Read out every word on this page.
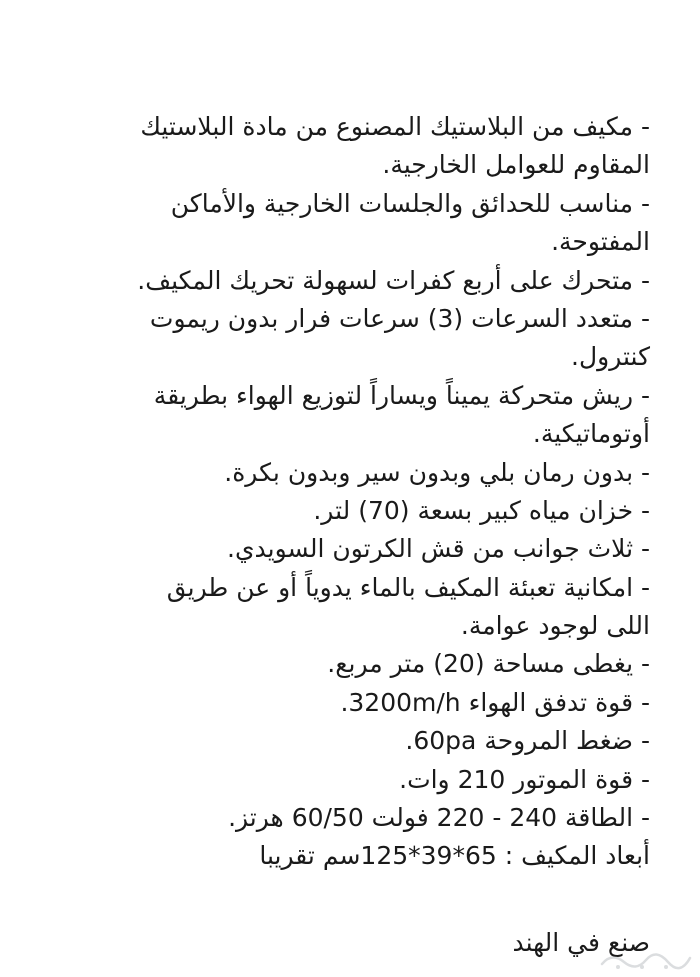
- مكيف من البلاستيك المصنوع من مادة البلاستيك
المقاوم للعوامل الخارجية.
- مناسب للحدائق والجلسات الخارجية والأماكن
المفتوحة.
- متحرك على أربع كفرات لسهولة تحريك المكيف.
- متعدد السرعات (3) سرعات فرار بدون ريموت
كنترول.
- ريش متحركة يميناً ويساراً لتوزيع الهواء بطريقة
أوتوماتيكية.
- بدون رمان بلي وبدون سير وبدون بكرة.
- خزان مياه كبير بسعة (70) لتر.
- ثلاث جوانب من قش الكرتون السويدي.
- امكانية تعبئة المكيف بالماء يدوياً أو عن طريق
اللى لوجود عوامة.
- يغطى مساحة (20) متر مربع.
- قوة تدفق الهواء 3200m/h.
- ضغط المروحة 60pa.
- قوة الموتور 210 وات.
- الطاقة 240 - 220 فولت 60/50 هرتز.
أبعاد المكيف : 65*39*125سم تقريبا
صنع في الهند
